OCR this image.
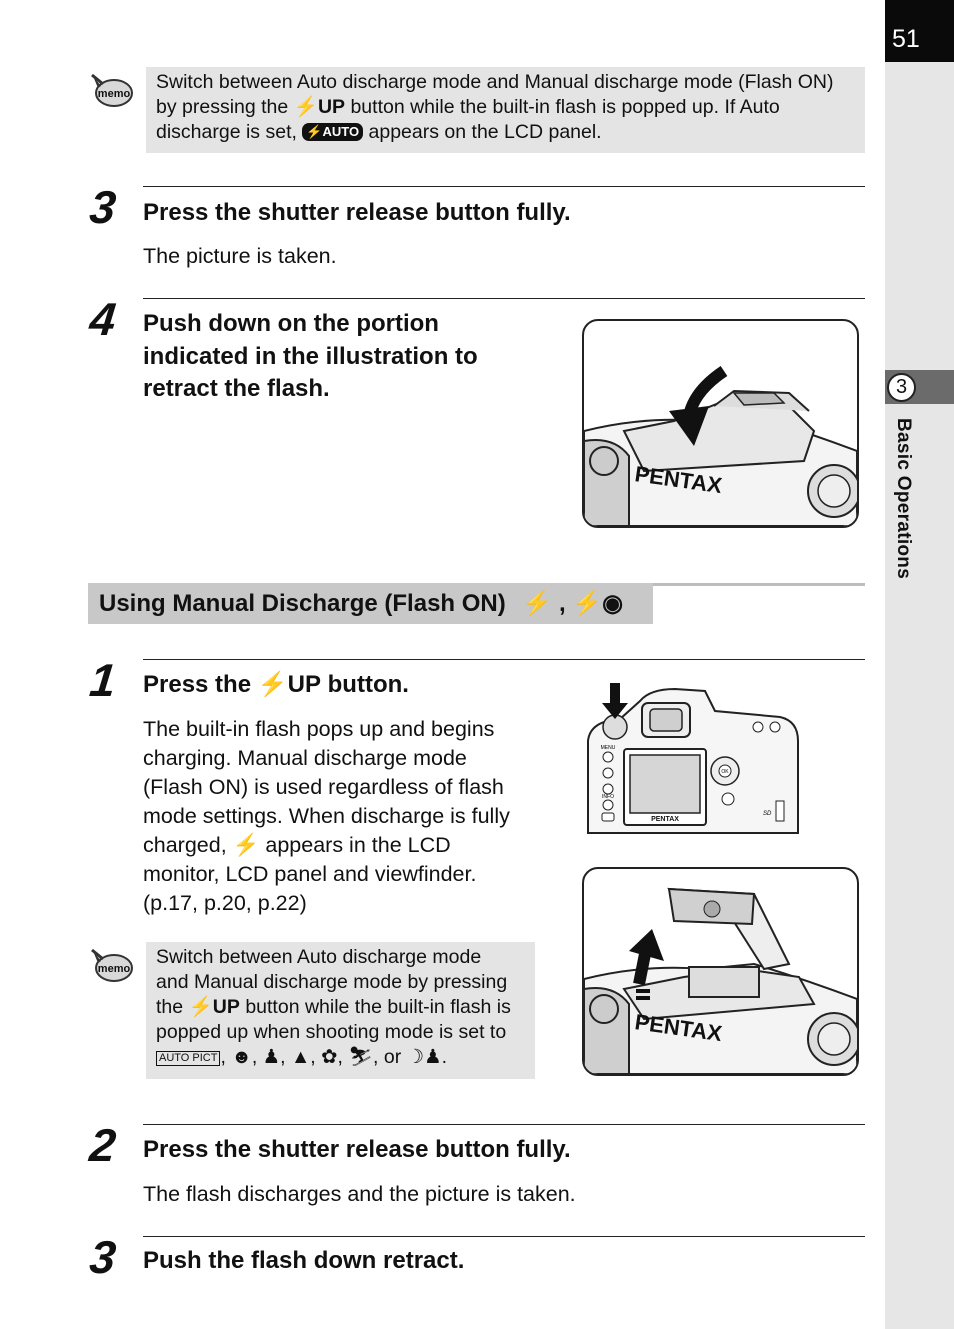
51
3
Basic Operations
memo
Switch between Auto discharge mode and Manual discharge mode (Flash ON)
by pressing the ⚡UP button while the built-in flash is popped up. If Auto
discharge is set, ⚡AUTO appears on the LCD panel.
3 Press the shutter release button fully.
The picture is taken.
4 Push down on the portion
indicated in the illustration to
retract the flash.
PENTAX
Using Manual Discharge (Flash ON) ⚡ , ⚡◉
1 Press the ⚡UP button.
The built-in flash pops up and begins
charging. Manual discharge mode
(Flash ON) is used regardless of flash
mode settings. When discharge is fully
charged, ⚡ appears in the LCD
monitor, LCD panel and viewfinder.
(p.17, p.20, p.22)
PENTAX
MENU
INFO
OK
SD
PENTAX
memo
Switch between Auto discharge mode
and Manual discharge mode by pressing
the ⚡UP button while the built-in flash is
popped up when shooting mode is set to
AUTO PICT , ☻, ♟, ▲, ✿, ⛷, or ☽♟.
2 Press the shutter release button fully.
The flash discharges and the picture is taken.
3 Push the flash down retract.
